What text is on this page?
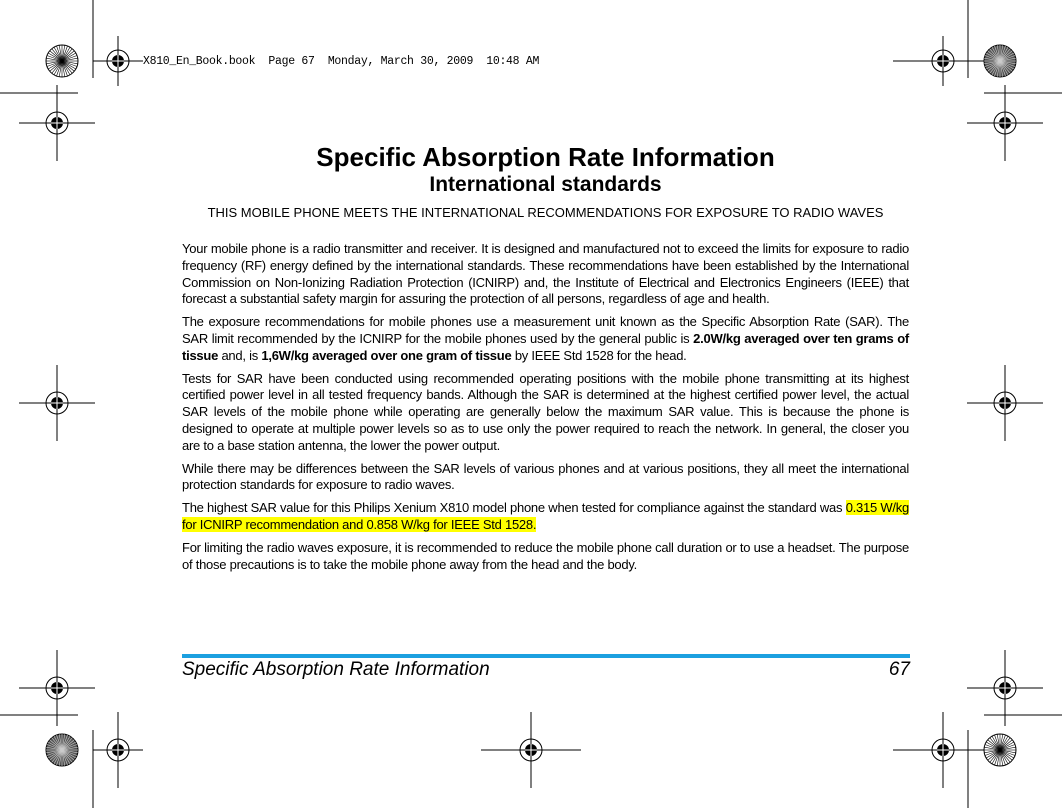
X810_En_Book.book  Page 67  Monday, March 30, 2009  10:48 AM
Specific Absorption Rate Information
International standards
THIS MOBILE PHONE MEETS THE INTERNATIONAL RECOMMENDATIONS FOR EXPOSURE TO RADIO WAVES

Your mobile phone is a radio transmitter and receiver. It is designed and manufactured not to exceed the limits for exposure to radio frequency (RF) energy defined by the international standards. These recommendations have been established by the International Commission on Non-Ionizing Radiation Protection (ICNIRP) and, the Institute of Electrical and Electronics Engineers (IEEE) that forecast a substantial safety margin for assuring the protection of all persons, regardless of age and health.

The exposure recommendations for mobile phones use a measurement unit known as the Specific Absorption Rate (SAR). The SAR limit recommended by the ICNIRP for the mobile phones used by the general public is 2.0W/kg averaged over ten grams of tissue and, is 1,6W/kg averaged over one gram of tissue by IEEE Std 1528 for the head.

Tests for SAR have been conducted using recommended operating positions with the mobile phone transmitting at its highest certified power level in all tested frequency bands. Although the SAR is determined at the highest certified power level, the actual SAR levels of the mobile phone while operating are generally below the maximum SAR value. This is because the phone is designed to operate at multiple power levels so as to use only the power required to reach the network. In general, the closer you are to a base station antenna, the lower the power output.

While there may be differences between the SAR levels of various phones and at various positions, they all meet the international protection standards for exposure to radio waves.

The highest SAR value for this Philips Xenium X810 model phone when tested for compliance against the standard was 0.315 W/kg for ICNIRP recommendation and 0.858 W/kg for IEEE Std 1528.

For limiting the radio waves exposure, it is recommended to reduce the mobile phone call duration or to use a headset. The purpose of those precautions is to take the mobile phone away from the head and the body.

Specific Absorption Rate Information	67
